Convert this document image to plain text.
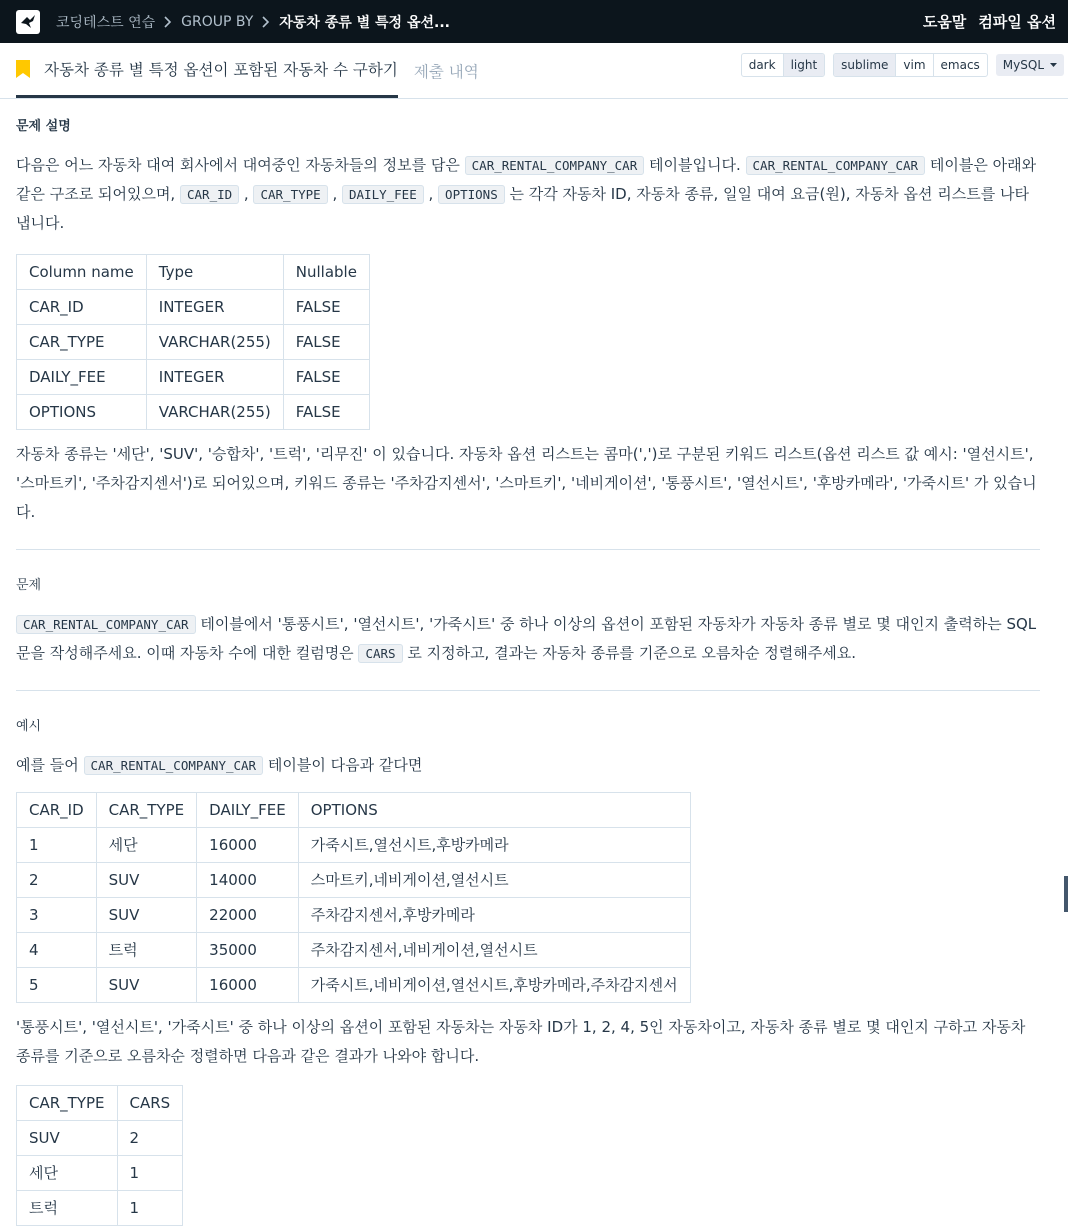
코딩테스트 연습 GROUP BY 자동차 종류 별 특정 옵션...	도움말 컴파일 옵션
자동차 종류 별 특정 옵션이 포함된 자동차 수 구하기 제출 내역	dark	light	sublime	vim	emacs	MySQL
문제 설명

다음은 어느 자동차 대여 회사에서 대여중인 자동차들의 정보를 담은 CAR_RENTAL_COMPANY_CAR 테이블입니다. CAR_RENTAL_COMPANY_CAR 테이블은 아래와 같은 구조로 되어있으며, CAR_ID , CAR_TYPE , DAILY_FEE , OPTIONS 는 각각 자동차 ID, 자동차 종류, 일일 대여 요금(원), 자동차 옵션 리스트를 나타냅니다.

Column name	Type	Nullable
CAR_ID	INTEGER	FALSE
CAR_TYPE	VARCHAR(255)	FALSE
DAILY_FEE	INTEGER	FALSE
OPTIONS	VARCHAR(255)	FALSE

자동차 종류는 '세단', 'SUV', '승합차', '트럭', '리무진' 이 있습니다. 자동차 옵션 리스트는 콤마(',')로 구분된 키워드 리스트(옵션 리스트 값 예시: '열선시트', '스마트키', '주차감지센서')로 되어있으며, 키워드 종류는 '주차감지센서', '스마트키', '네비게이션', '통풍시트', '열선시트', '후방카메라', '가죽시트' 가 있습니다.

문제

CAR_RENTAL_COMPANY_CAR 테이블에서 '통풍시트', '열선시트', '가죽시트' 중 하나 이상의 옵션이 포함된 자동차가 자동차 종류 별로 몇 대인지 출력하는 SQL문을 작성해주세요. 이때 자동차 수에 대한 컬럼명은 CARS 로 지정하고, 결과는 자동차 종류를 기준으로 오름차순 정렬해주세요.

예시

예를 들어 CAR_RENTAL_COMPANY_CAR 테이블이 다음과 같다면

CAR_ID	CAR_TYPE	DAILY_FEE	OPTIONS
1	세단	16000	가죽시트,열선시트,후방카메라
2	SUV	14000	스마트키,네비게이션,열선시트
3	SUV	22000	주차감지센서,후방카메라
4	트럭	35000	주차감지센서,네비게이션,열선시트
5	SUV	16000	가죽시트,네비게이션,열선시트,후방카메라,주차감지센서

'통풍시트', '열선시트', '가죽시트' 중 하나 이상의 옵션이 포함된 자동차는 자동차 ID가 1, 2, 4, 5인 자동차이고, 자동차 종류 별로 몇 대인지 구하고 자동차 종류를 기준으로 오름차순 정렬하면 다음과 같은 결과가 나와야 합니다.

CAR_TYPE	CARS
SUV	2
세단	1
트럭	1
